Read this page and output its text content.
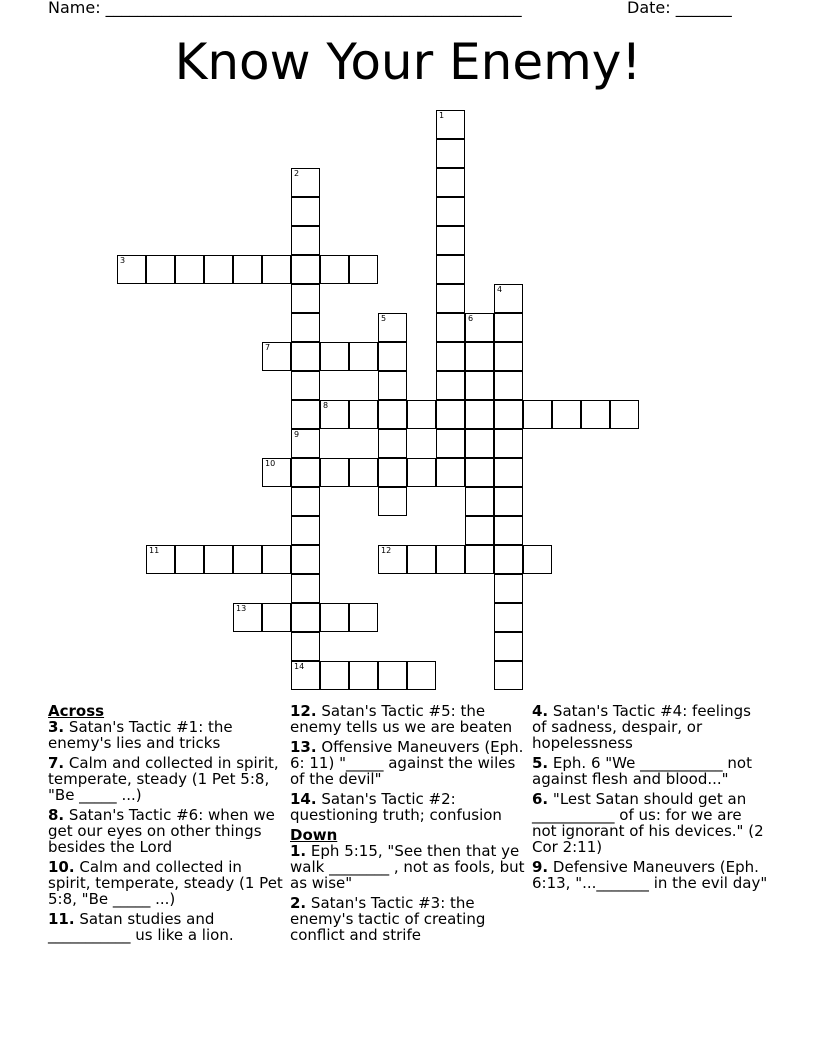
Name: ____________________________________________________	Date: _______
Know Your Enemy!
1
2
9
14
3
4
5	6
7
8
10
11	12
13
Across

3. Satan's Tactic #1: the enemy's lies and tricks

7. Calm and collected in spirit, temperate, steady (1 Pet 5:8, "Be _____ ...)

8. Satan's Tactic #6: when we get our eyes on other things besides the Lord

10. Calm and collected in spirit, temperate, steady (1 Pet 5:8, "Be _____ ...)

11. Satan studies and ___________ us like a lion.

12. Satan's Tactic #5: the enemy tells us we are beaten

13. Offensive Maneuvers (Eph. 6: 11) "_____ against the wiles of the devil"

14. Satan's Tactic #2: questioning truth; confusion

Down

1. Eph 5:15, "See then that ye walk ________ , not as fools, but as wise"

2. Satan's Tactic #3: the enemy's tactic of creating conflict and strife

4. Satan's Tactic #4: feelings of sadness, despair, or hopelessness

5. Eph. 6 "We ___________ not against flesh and blood..."

6. "Lest Satan should get an ___________ of us: for we are not ignorant of his devices." (2 Cor 2:11)

9. Defensive Maneuvers (Eph. 6:13, "..._______ in the evil day"
